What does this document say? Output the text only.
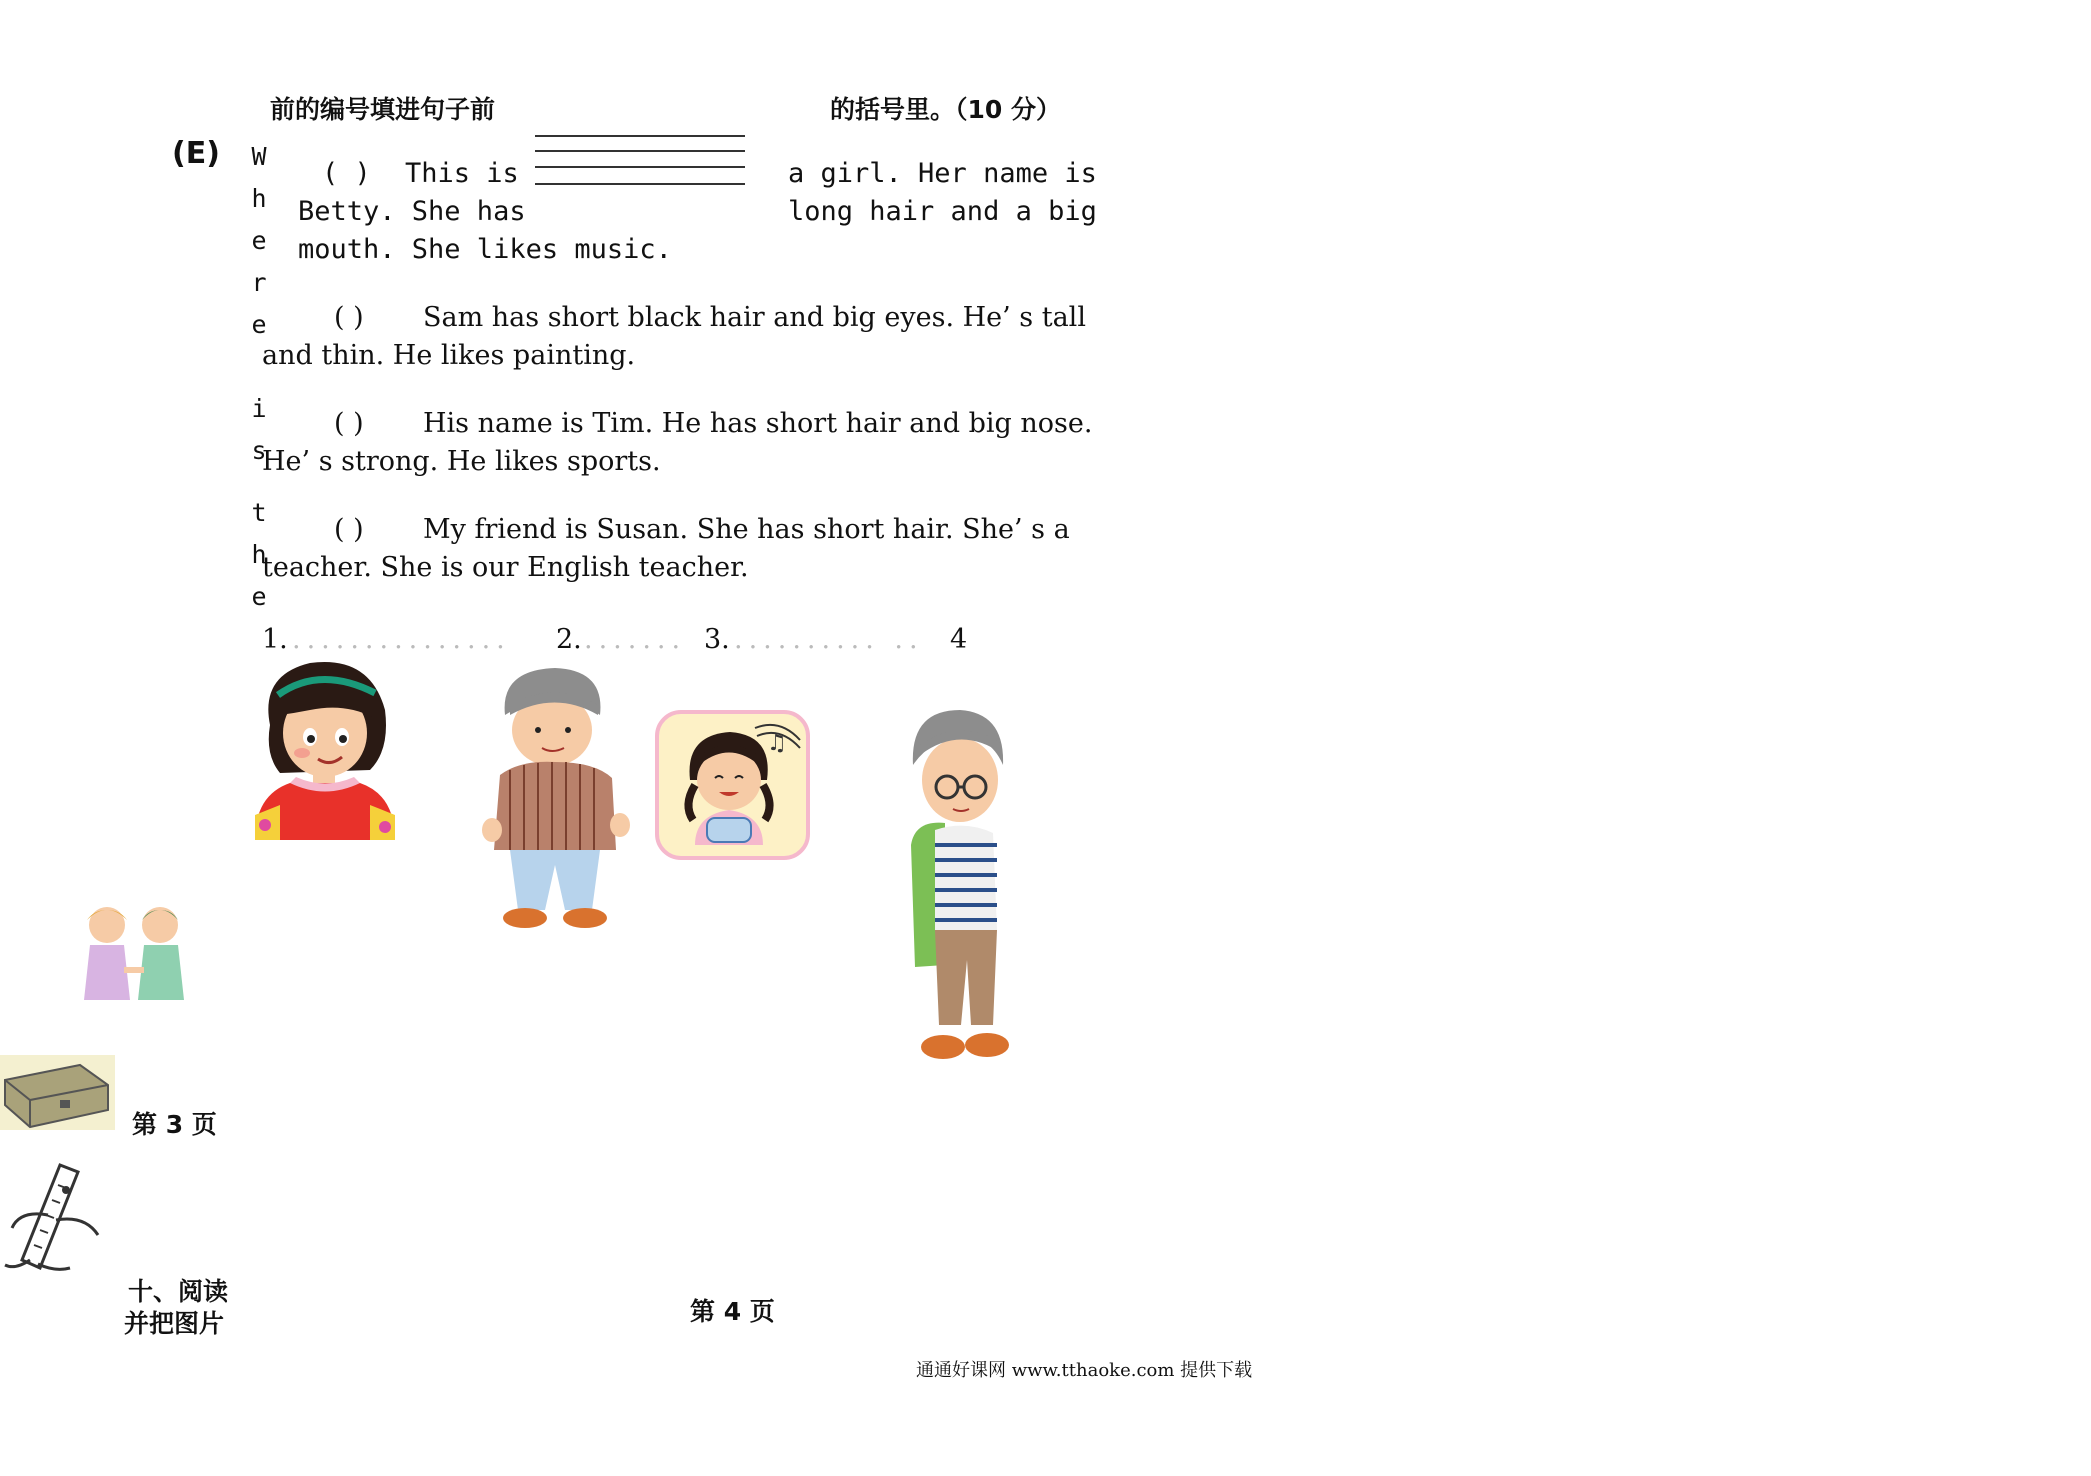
前的编号填进句子前	的括号里。（10 分）
(E) W
h
e
r
e
i
s
t
h
e
( ) This is	a girl. Her name is
Betty. She has	long hair and a big
mouth. She likes music.
( ) Sam has short black hair and big eyes. He’ s tall
and thin. He likes painting.
( ) His name is Tim. He has short hair and big nose.
He’ s strong. He likes sports.
( ) My friend is Susan. She has short hair. She’ s a
teacher. She is our English teacher.
1. ............... 2. ....... 3. .......... .. 4
♫
第 3 页
第 4 页
十、阅读
并把图片
通通好课网 www.tthaoke.com 提供下载
